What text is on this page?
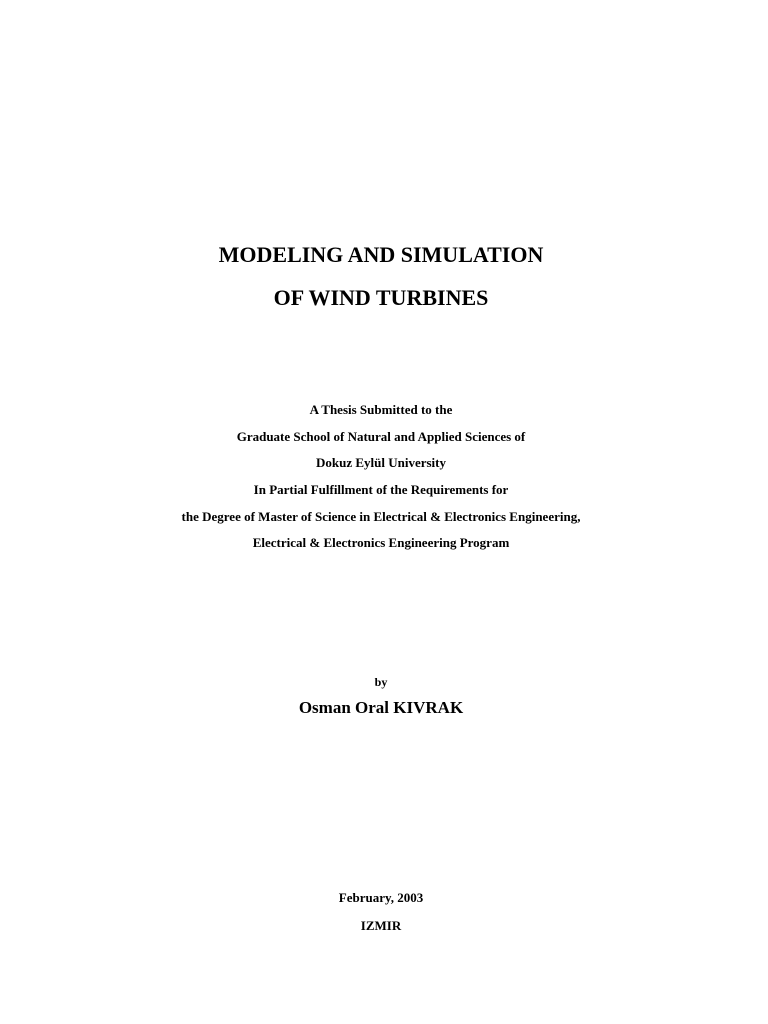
MODELING AND SIMULATION
OF WIND TURBINES
A Thesis Submitted to the
Graduate School of Natural and Applied Sciences of
Dokuz Eylül University
In Partial Fulfillment of the Requirements for
the Degree of Master of Science in Electrical & Electronics Engineering,
Electrical & Electronics Engineering Program
by
Osman Oral KIVRAK
February, 2003
IZMIR
